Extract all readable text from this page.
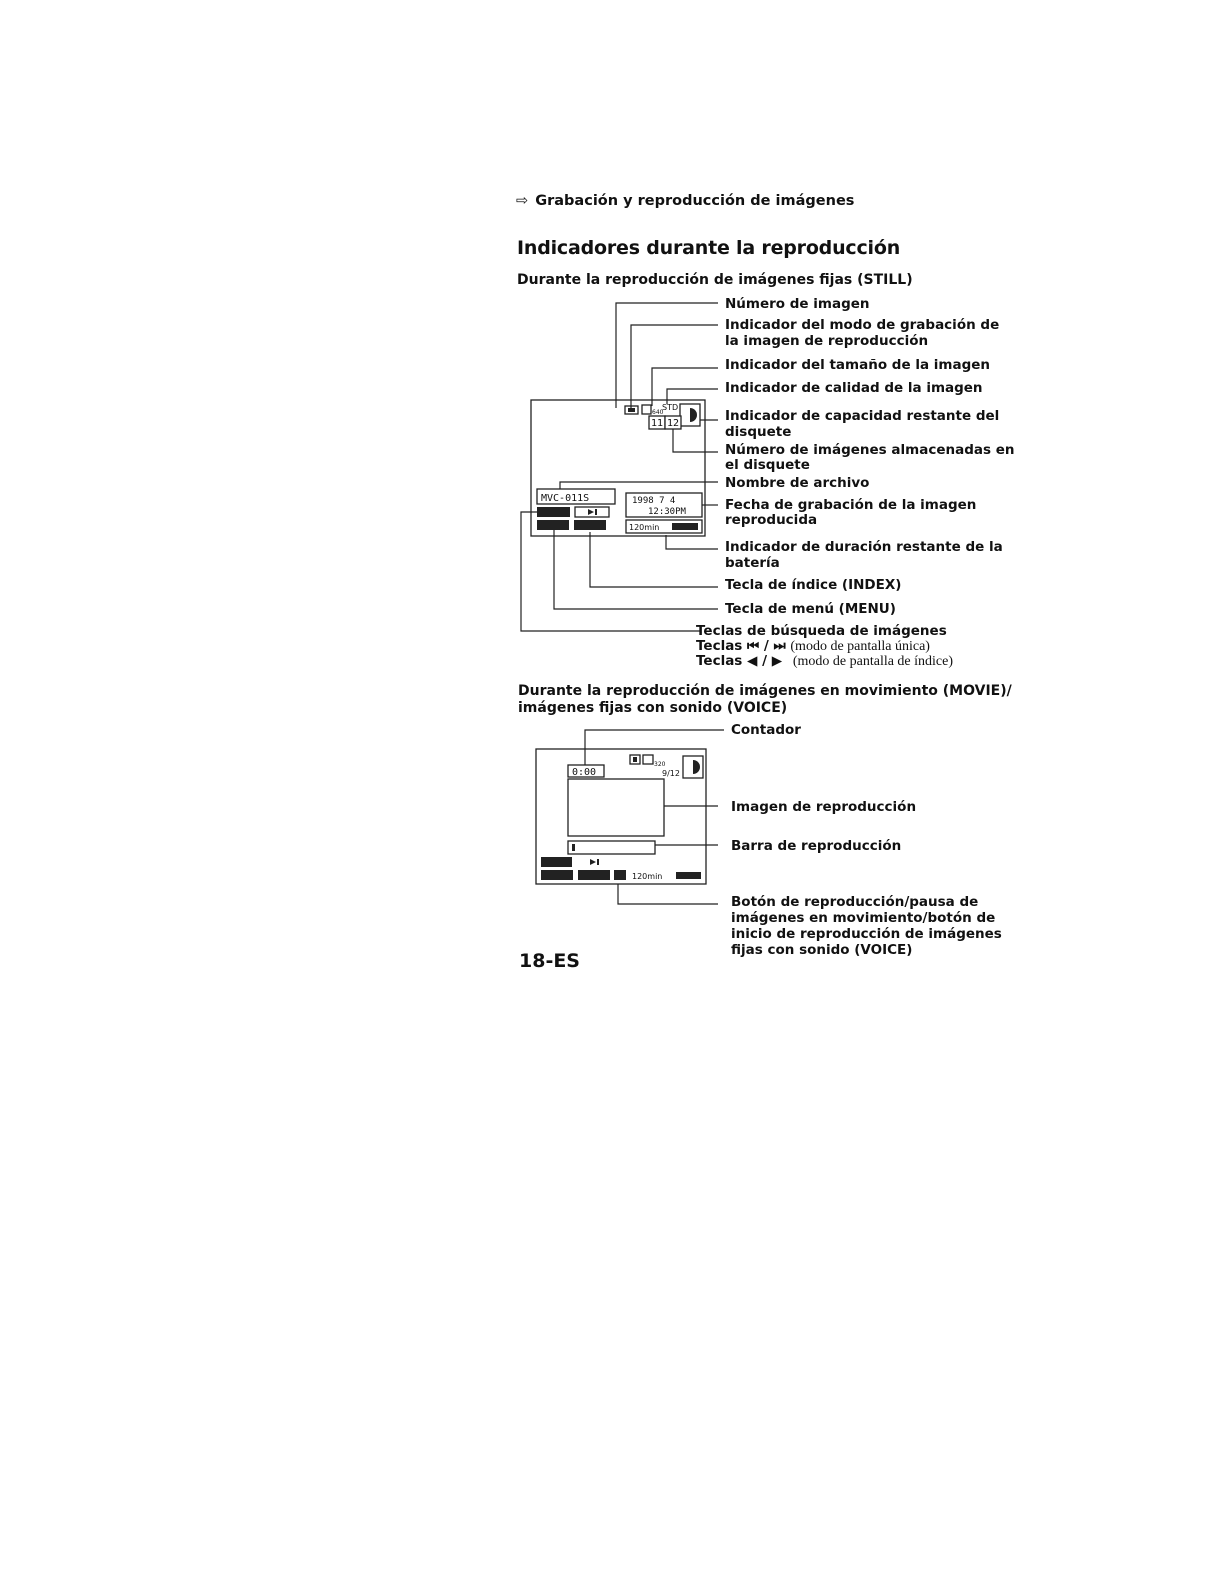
⇨ Grabación y reproducción de imágenes
Indicadores durante la reproducción
Durante la reproducción de imágenes fijas (STILL)
640
STD
11 12
MVC-011S	1998 7 4
12:30PM
120min
0:00
320
9/12
120min
Número de imagen
Indicador del modo de grabación de
la imagen de reproducción
Indicador del tamaño de la imagen
Indicador de calidad de la imagen
Indicador de capacidad restante del
disquete
Número de imágenes almacenadas en
el disquete
Nombre de archivo
Fecha de grabación de la imagen
reproducida
Indicador de duración restante de la
batería
Tecla de índice (INDEX)
Tecla de menú (MENU)
Teclas de búsqueda de imágenes
Teclas ⏮ / ⏭ (modo de pantalla única)
Teclas ◀ / ▶ (modo de pantalla de índice)
Durante la reproducción de imágenes en movimiento (MOVIE)/
imágenes fijas con sonido (VOICE)
Contador
Imagen de reproducción
Barra de reproducción
Botón de reproducción/pausa de
imágenes en movimiento/botón de
inicio de reproducción de imágenes
fijas con sonido (VOICE)
18-ES
